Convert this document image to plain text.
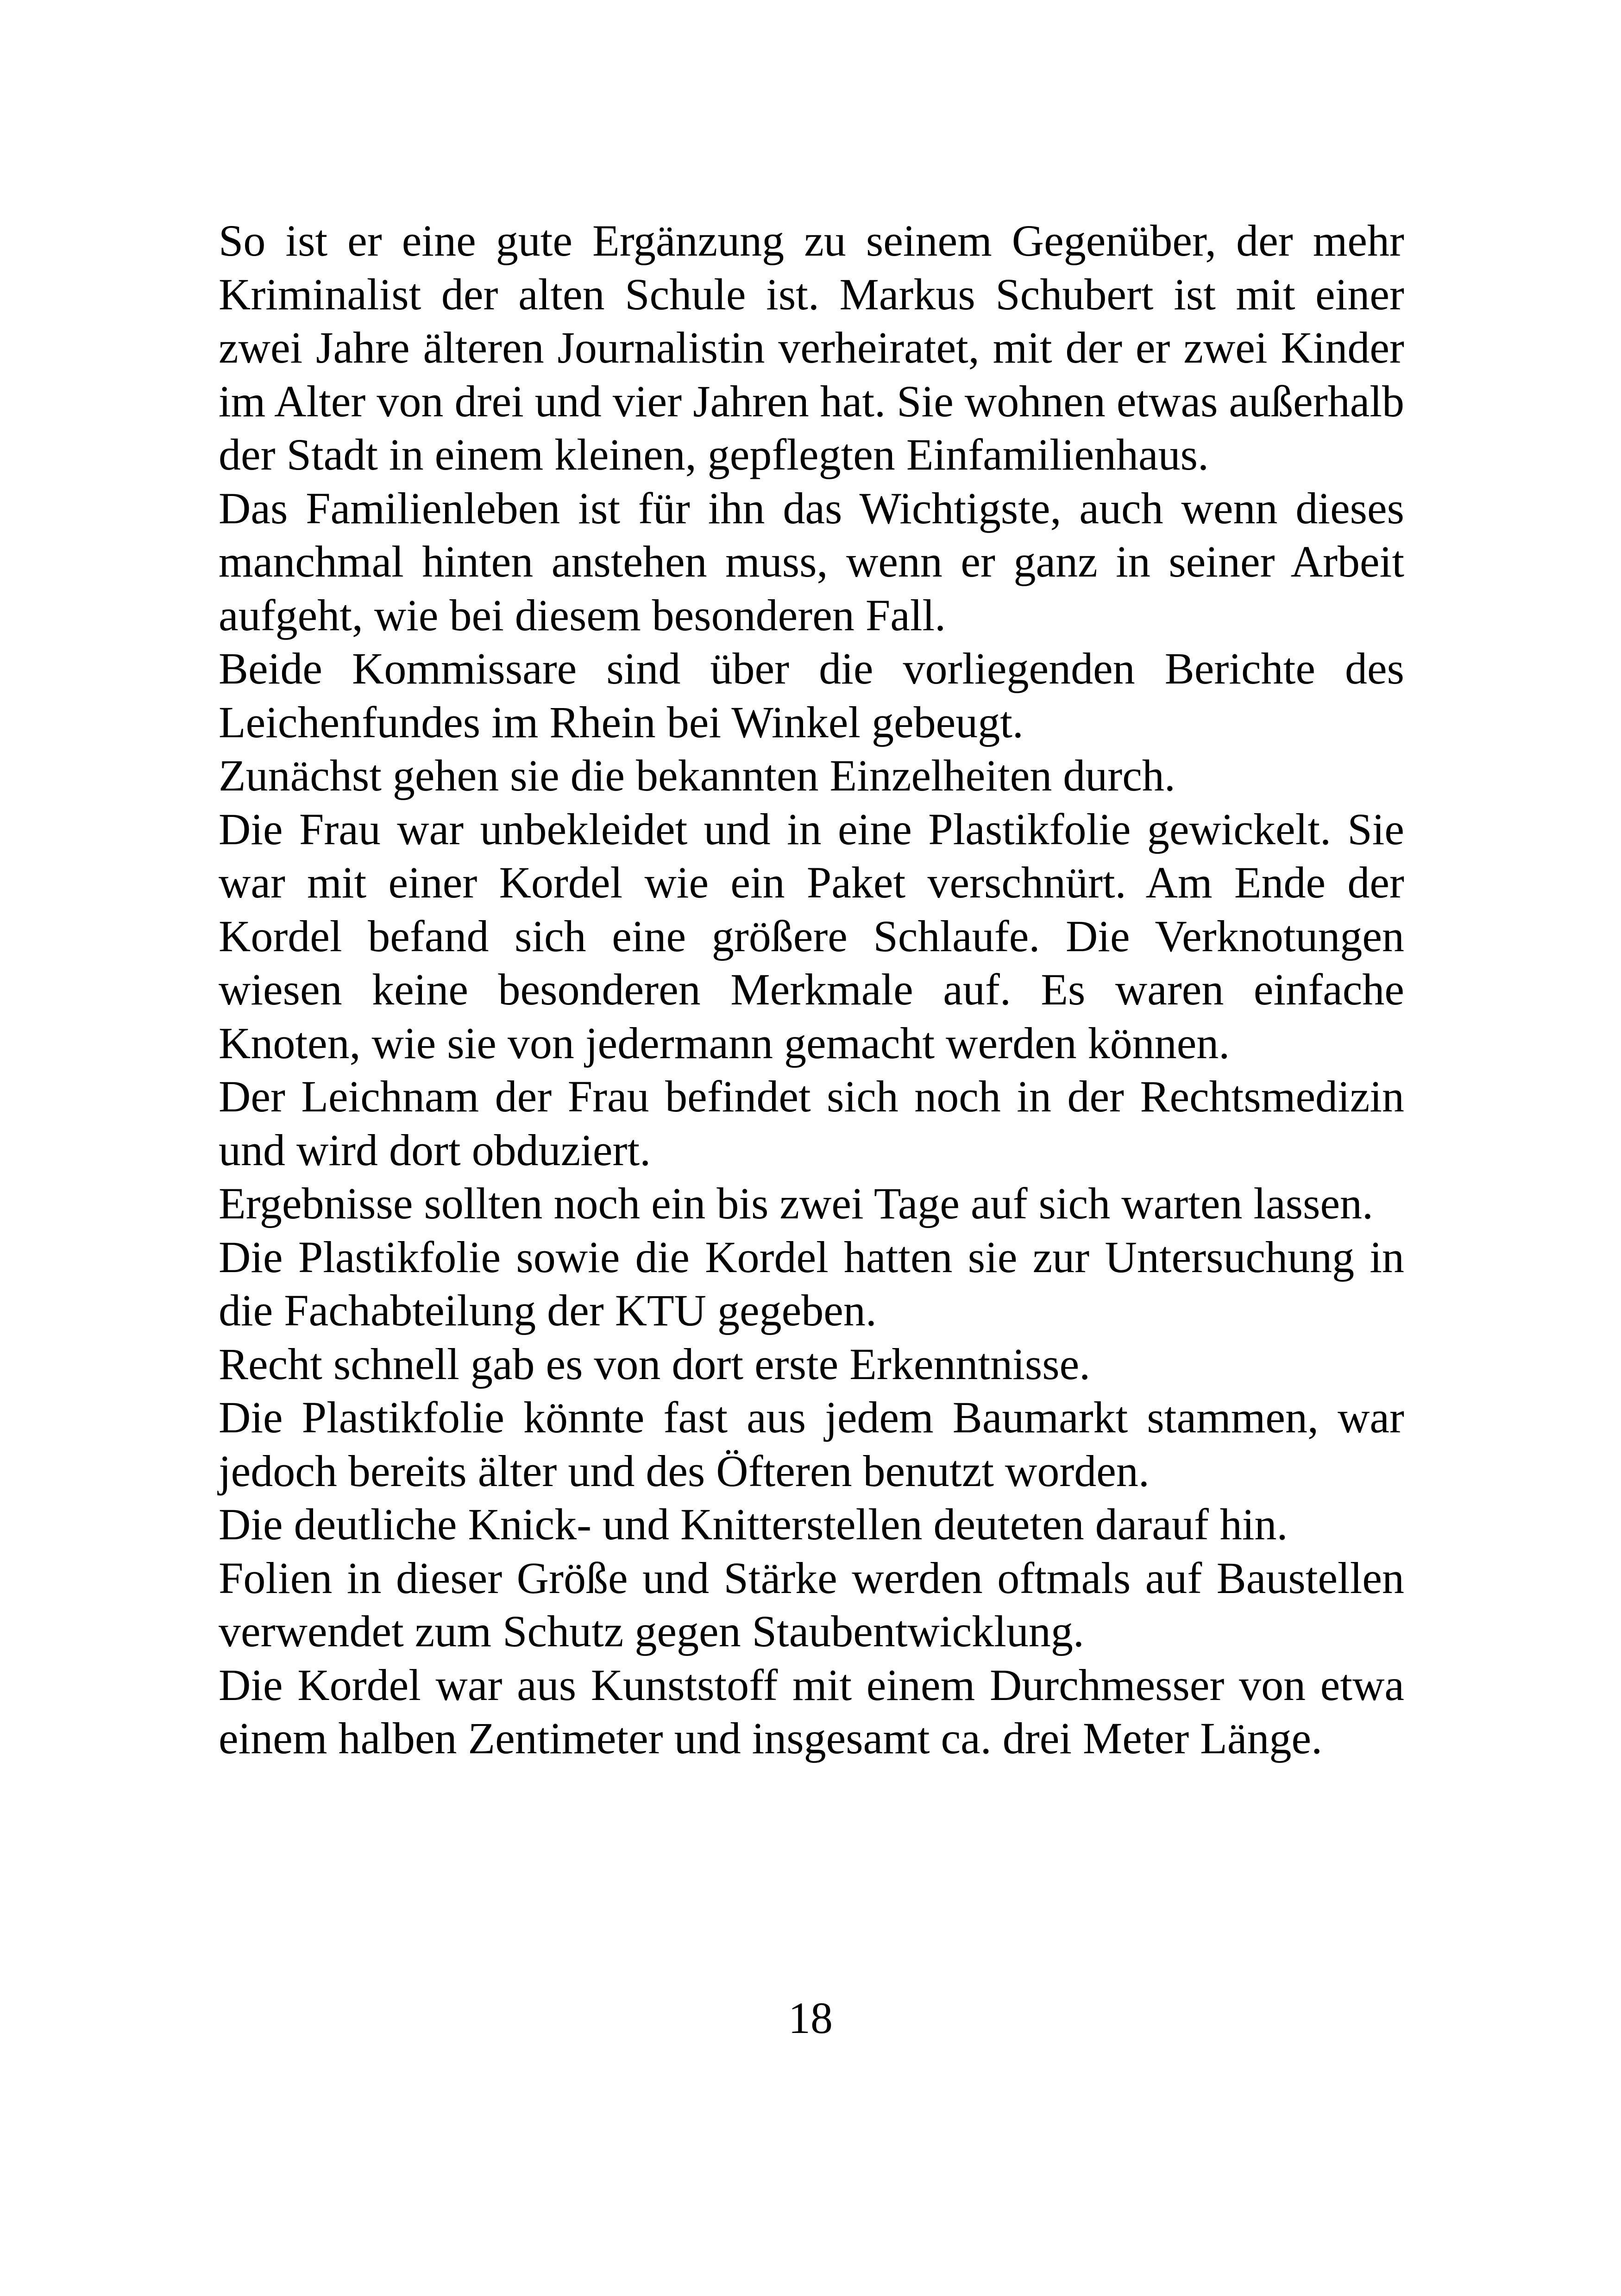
So ist er eine gute Ergänzung zu seinem Gegenüber, der mehr Kriminalist der alten Schule ist. Markus Schubert ist mit einer zwei Jahre älteren Journalistin verheiratet, mit der er zwei Kinder im Alter von drei und vier Jahren hat. Sie wohnen etwas außerhalb der Stadt in einem kleinen, gepflegten Einfamilienhaus.

Das Familienleben ist für ihn das Wichtigste, auch wenn dieses manchmal hinten anstehen muss, wenn er ganz in seiner Arbeit aufgeht, wie bei diesem besonderen Fall.

Beide Kommissare sind über die vorliegenden Berichte des Leichenfundes im Rhein bei Winkel gebeugt.

Zunächst gehen sie die bekannten Einzelheiten durch.

Die Frau war unbekleidet und in eine Plastikfolie gewickelt. Sie war mit einer Kordel wie ein Paket verschnürt. Am Ende der Kordel befand sich eine größere Schlaufe. Die Verknotungen wiesen keine besonderen Merkmale auf. Es waren einfache Knoten, wie sie von jedermann gemacht werden können.

Der Leichnam der Frau befindet sich noch in der Rechtsmedizin und wird dort obduziert.

Ergebnisse sollten noch ein bis zwei Tage auf sich warten lassen.

Die Plastikfolie sowie die Kordel hatten sie zur Untersuchung in die Fachabteilung der KTU gegeben.

Recht schnell gab es von dort erste Erkenntnisse.

Die Plastikfolie könnte fast aus jedem Baumarkt stammen, war jedoch bereits älter und des Öfteren benutzt worden.

Die deutliche Knick- und Knitterstellen deuteten darauf hin.

Folien in dieser Größe und Stärke werden oftmals auf Baustellen verwendet zum Schutz gegen Staubentwicklung.

Die Kordel war aus Kunststoff mit einem Durchmesser von etwa einem halben Zentimeter und insgesamt ca. drei Meter Länge.

18
